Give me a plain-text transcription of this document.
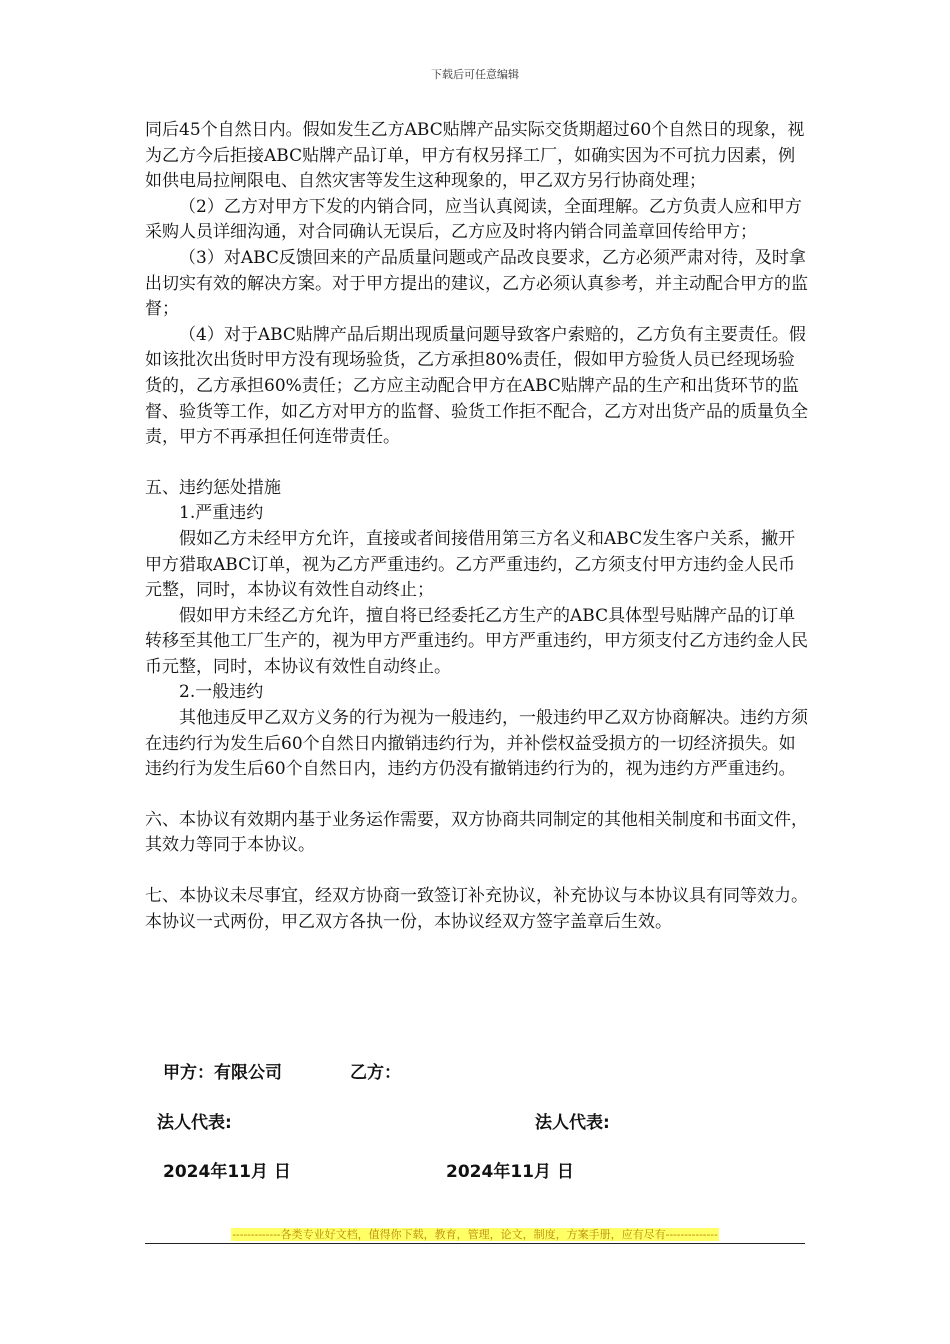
下载后可任意编辑

同后45个自然日内。假如发生乙方ABC贴牌产品实际交货期超过60个自然日的现象，视为乙方今后拒接ABC贴牌产品订单，甲方有权另择工厂，如确实因为不可抗力因素，例如供电局拉闸限电、自然灾害等发生这种现象的，甲乙双方另行协商处理；

（2）乙方对甲方下发的内销合同，应当认真阅读，全面理解。乙方负责人应和甲方采购人员详细沟通，对合同确认无误后，乙方应及时将内销合同盖章回传给甲方；

（3）对ABC反馈回来的产品质量问题或产品改良要求，乙方必须严肃对待，及时拿出切实有效的解决方案。对于甲方提出的建议，乙方必须认真参考，并主动配合甲方的监督；

（4）对于ABC贴牌产品后期出现质量问题导致客户索赔的，乙方负有主要责任。假如该批次出货时甲方没有现场验货，乙方承担80%责任，假如甲方验货人员已经现场验货的，乙方承担60%责任；乙方应主动配合甲方在ABC贴牌产品的生产和出货环节的监督、验货等工作，如乙方对甲方的监督、验货工作拒不配合，乙方对出货产品的质量负全责，甲方不再承担任何连带责任。

五、违约惩处措施

1.严重违约

假如乙方未经甲方允许，直接或者间接借用第三方名义和ABC发生客户关系，撇开甲方猎取ABC订单，视为乙方严重违约。乙方严重违约，乙方须支付甲方违约金人民币元整，同时，本协议有效性自动终止；

假如甲方未经乙方允许，擅自将已经委托乙方生产的ABC具体型号贴牌产品的订单转移至其他工厂生产的，视为甲方严重违约。甲方严重违约，甲方须支付乙方违约金人民币元整，同时，本协议有效性自动终止。

2.一般违约

其他违反甲乙双方义务的行为视为一般违约，一般违约甲乙双方协商解决。违约方须在违约行为发生后60个自然日内撤销违约行为，并补偿权益受损方的一切经济损失。如违约行为发生后60个自然日内，违约方仍没有撤销违约行为的，视为违约方严重违约。

六、本协议有效期内基于业务运作需要，双方协商共同制定的其他相关制度和书面文件，其效力等同于本协议。

七、本协议未尽事宜，经双方协商一致签订补充协议，补充协议与本协议具有同等效力。本协议一式两份，甲乙双方各执一份，本协议经双方签字盖章后生效。

甲方：有限公司	乙方：
法人代表:	法人代表:
2024年11月 日	2024年11月 日
-------------各类专业好文档，值得你下载，教育，管理，论文，制度，方案手册，应有尽有--------------
